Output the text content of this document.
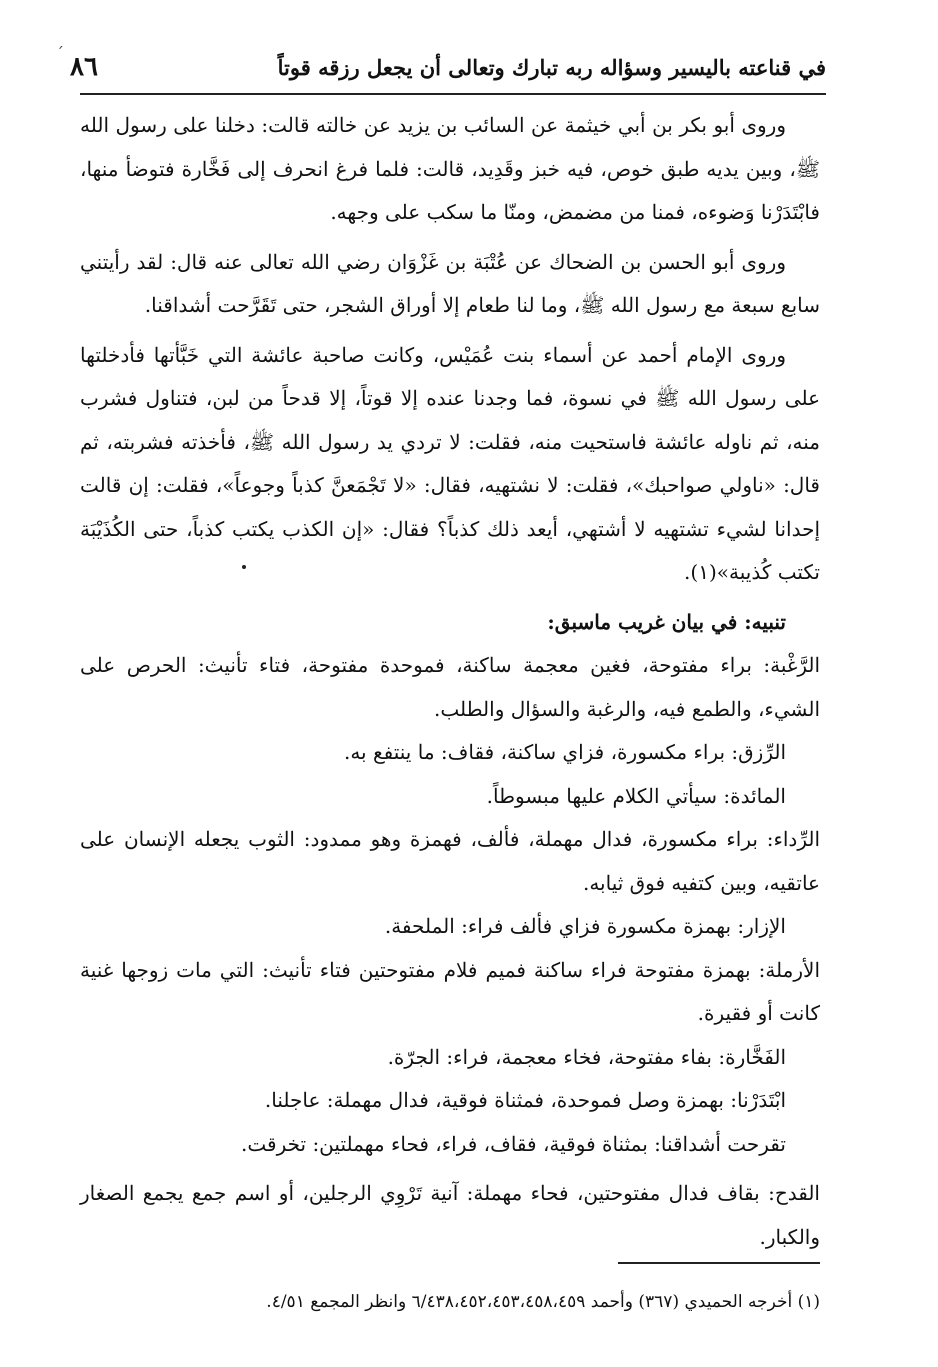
´
في قناعته باليسير وسؤاله ربه تبارك وتعالى أن يجعل رزقه قوتاً
٨٦

وروى أبو بكر بن أبي خيثمة عن السائب بن يزيد عن خالته قالت: دخلنا على رسول الله ﷺ، وبين يديه طبق خوص، فيه خبز وقَدِيد، قالت: فلما فرغ انحرف إلى فَخَّارة فتوضأ منها، فابْتَدَرْنا وَضوءه، فمنا من مضمض، ومنّا ما سكب على وجهه.

وروى أبو الحسن بن الضحاك عن عُتْبَة بن غَزْوَان رضي الله تعالى عنه قال: لقد رأيتني سابع سبعة مع رسول الله ﷺ، وما لنا طعام إلا أوراق الشجر، حتى تَقَرَّحت أشداقنا.

وروى الإمام أحمد عن أسماء بنت عُمَيْس، وكانت صاحبة عائشة التي خَبَّأتها فأدخلتها على رسول الله ﷺ في نسوة، فما وجدنا عنده إلا قوتاً، إلا قدحاً من لبن، فتناول فشرب منه، ثم ناوله عائشة فاستحيت منه، فقلت: لا تردي يد رسول الله ﷺ، فأخذته فشربته، ثم قال: «ناولي صواحبك»، فقلت: لا نشتهيه، فقال: «لا تَجْمَعنَّ كذباً وجوعاً»، فقلت: إن قالت إحدانا لشيء تشتهيه لا أشتهي، أيعد ذلك كذباً؟ فقال: «إن الكذب يكتب كذباً، حتى الكُذَيْبَة تكتب كُذيبة»(١).

تنبيه: في بيان غريب ماسبق:

الرَّغْبة: براء مفتوحة، فغين معجمة ساكنة، فموحدة مفتوحة، فتاء تأنيث: الحرص على الشيء، والطمع فيه، والرغبة والسؤال والطلب.

الرِّزق: براء مكسورة، فزاي ساكنة، فقاف: ما ينتفع به.

المائدة: سيأتي الكلام عليها مبسوطاً.

الرِّداء: براء مكسورة، فدال مهملة، فألف، فهمزة وهو ممدود: الثوب يجعله الإنسان على عاتقيه، وبين كتفيه فوق ثيابه.

الإزار: بهمزة مكسورة فزاي فألف فراء: الملحفة.

الأرملة: بهمزة مفتوحة فراء ساكنة فميم فلام مفتوحتين فتاء تأنيث: التي مات زوجها غنية كانت أو فقيرة.

الفَخَّارة: بفاء مفتوحة، فخاء معجمة، فراء: الجرّة.

ابْتَدَرْنا: بهمزة وصل فموحدة، فمثناة فوقية، فدال مهملة: عاجلنا.

تقرحت أشداقنا: بمثناة فوقية، فقاف، فراء، فحاء مهملتين: تخرقت.

القدح: بقاف فدال مفتوحتين، فحاء مهملة: آنية تَرْوِي الرجلين، أو اسم جمع يجمع الصغار والكبار.

(١) أخرجه الحميدي (٣٦٧) وأحمد ٦/٤٣٨،٤٥٢،٤٥٣،٤٥٨،٤٥٩ وانظر المجمع ٤/٥١.
